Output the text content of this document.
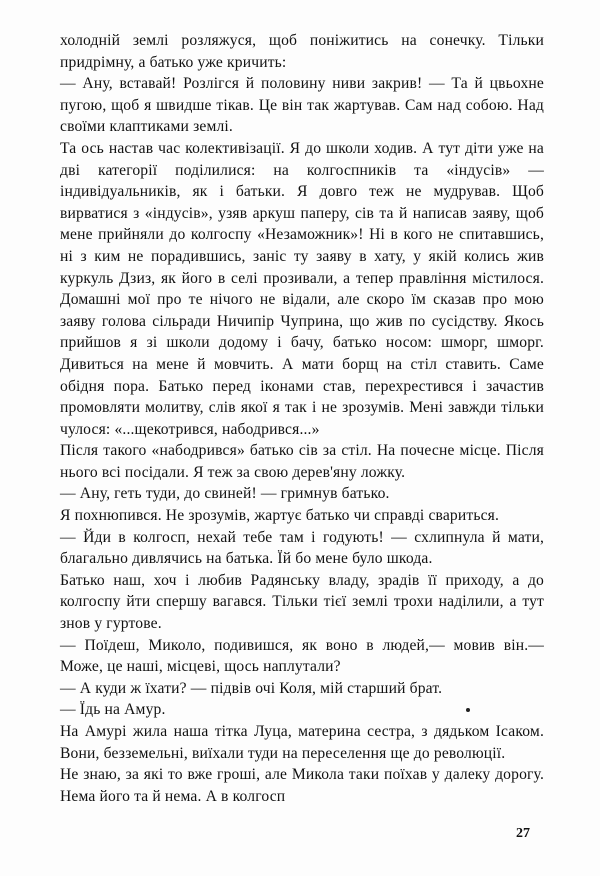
холодній землі розляжуся, щоб поніжитись на сонечку. Тільки придрімну, а батько уже кричить:

— Ану, вставай! Розлігся й половину ниви закрив! — Та й цвьохне пугою, щоб я швидше тікав. Це він так жартував. Сам над собою. Над своїми клаптиками землі.

Та ось настав час колективізації. Я до школи ходив. А тут діти уже на дві категорії поділилися: на колгоспників та «індусів» — індивідуальників, як і батьки. Я довго теж не мудрував. Щоб вирватися з «індусів», узяв аркуш паперу, сів та й написав заяву, щоб мене прийняли до колгоспу «Незаможник»! Ні в кого не спитавшись, ні з ким не порадившись, заніс ту заяву в хату, у якій колись жив куркуль Дзиз, як його в селі прозивали, а тепер правління містилося. Домашні мої про те нічого не відали, але скоро їм сказав про мою заяву голова сільради Ничипір Чуприна, що жив по сусідству. Якось прийшов я зі школи додому і бачу, батько носом: шморг, шморг. Дивиться на мене й мовчить. А мати борщ на стіл ставить. Саме обідня пора. Батько перед іконами став, перехрестився і зачастив промовляти молитву, слів якої я так і не зрозумів. Мені завжди тільки чулося: «...щекотрився, набодрився...»

Після такого «набодрився» батько сів за стіл. На почесне місце. Після нього всі посідали. Я теж за свою дерев'яну ложку.

— Ану, геть туди, до свиней! — гримнув батько.

Я похнюпився. Не зрозумів, жартує батько чи справді свариться.

— Йди в колгосп, нехай тебе там і годують! — схлипнула й мати, благально дивлячись на батька. Їй бо мене було шкода.

Батько наш, хоч і любив Радянську владу, зрадів її приходу, а до колгоспу йти спершу вагався. Тільки тієї землі трохи наділили, а тут знов у гуртове.

— Поїдеш, Миколо, подивишся, як воно в людей,— мовив він.— Може, це наші, місцеві, щось наплутали?

— А куди ж їхати? — підвів очі Коля, мій старший брат.

— Їдь на Амур.

На Амурі жила наша тітка Луца, материна сестра, з дядьком Ісаком. Вони, безземельні, виїхали туди на переселення ще до революції.

Не знаю, за які то вже гроші, але Микола таки поїхав у далеку дорогу. Нема його та й нема. А в колгосп

27
